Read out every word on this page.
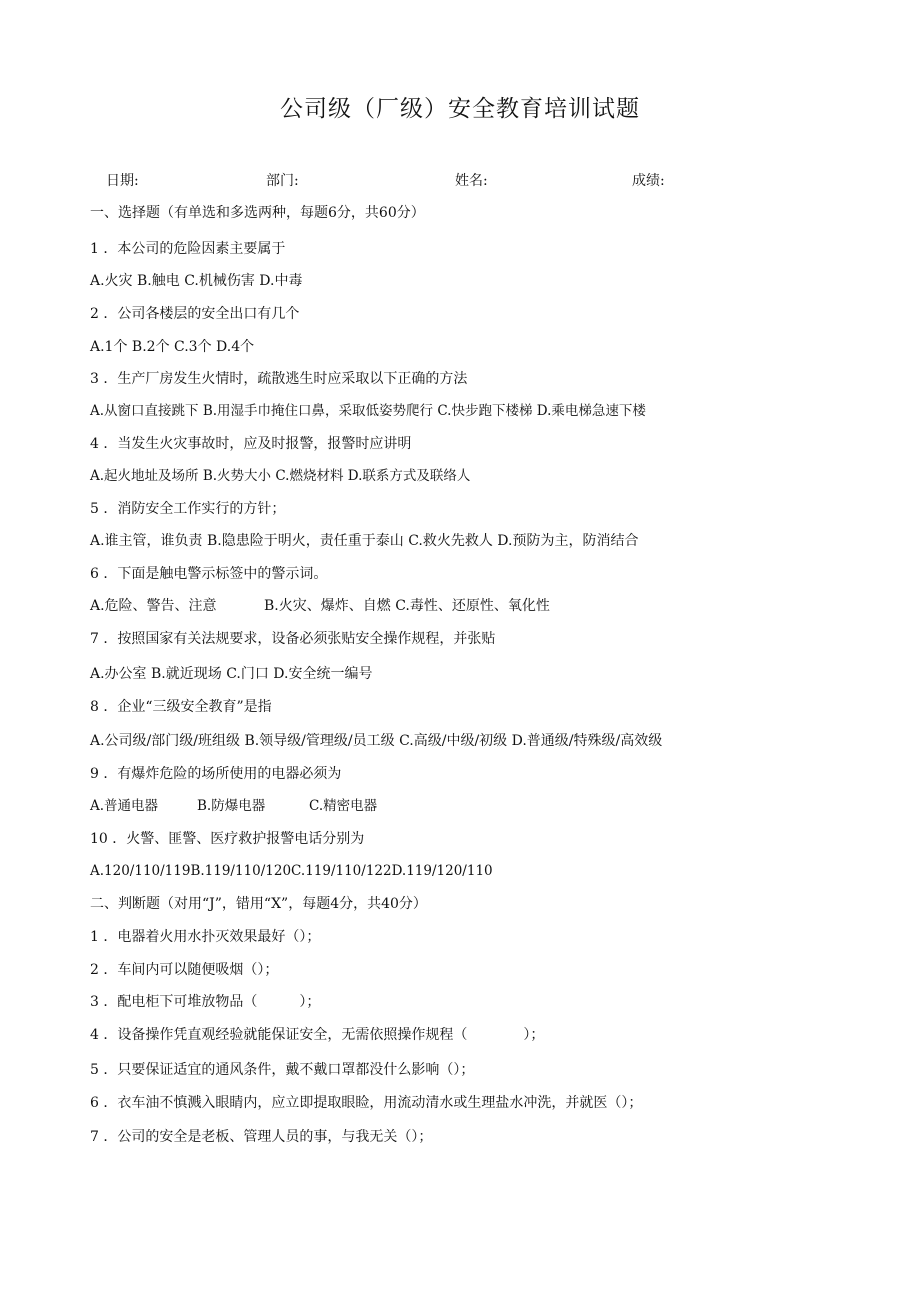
公司级（厂级）安全教育培训试题
日期:	部门:	姓名:	成绩:
一、选择题（有单选和多选两种，每题6分，共60分）
1 ．本公司的危险因素主要属于
A.火灾 B.触电 C.机械伤害 D.中毒
2 ．公司各楼层的安全出口有几个
A.1个 B.2个 C.3个 D.4个
3 ．生产厂房发生火情时，疏散逃生时应采取以下正确的方法
A.从窗口直接跳下 B.用湿手巾掩住口鼻，采取低姿势爬行 C.快步跑下楼梯 D.乘电梯急速下楼
4 ．当发生火灾事故时，应及时报警，报警时应讲明
A.起火地址及场所 B.火势大小 C.燃烧材料 D.联系方式及联络人
5 ．消防安全工作实行的方针；
A.谁主管，谁负责 B.隐患险于明火，责任重于泰山 C.救火先救人 D.预防为主，防消结合
6 ．下面是触电警示标签中的警示词。
A.危险、警告、注意	B.火灾、爆炸、自燃 C.毒性、还原性、氧化性
7 ．按照国家有关法规要求，设备必须张贴安全操作规程，并张贴
A.办公室 B.就近现场 C.门口 D.安全统一编号
8 ．企业“三级安全教育”是指
A.公司级/部门级/班组级 B.领导级/管理级/员工级 C.高级/中级/初级 D.普通级/特殊级/高效级
9 ．有爆炸危险的场所使用的电器必须为
A.普通电器	B.防爆电器	C.精密电器
10 ．火警、匪警、医疗救护报警电话分别为
A.120/110/119B.119/110/120C.119/110/122D.119/120/110
二、判断题（对用“J”，错用“X”，每题4分，共40分）
1 ．电器着火用水扑灭效果最好（）；
2 ．车间内可以随便吸烟（）；
3 ．配电柜下可堆放物品（　　　）；
4 ．设备操作凭直观经验就能保证安全，无需依照操作规程（　　　　）；
5 ．只要保证适宜的通风条件，戴不戴口罩都没什么影响（）；
6 ．衣车油不慎溅入眼睛内，应立即提取眼睑，用流动清水或生理盐水冲洗，并就医（）；
7 ．公司的安全是老板、管理人员的事，与我无关（）；
